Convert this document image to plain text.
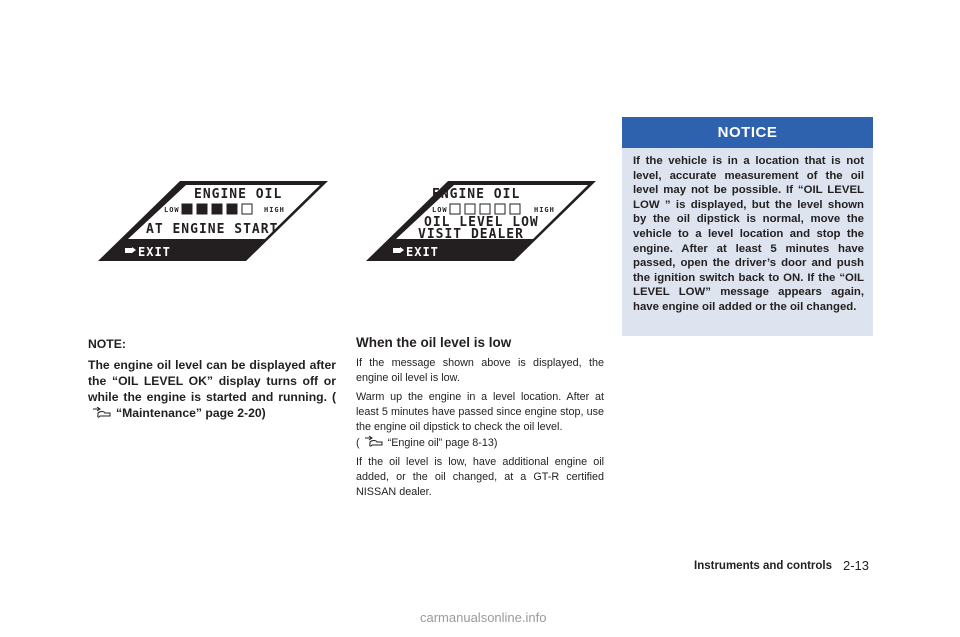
ENGINE OIL
LOW	HIGH
AT ENGINE START
EXIT
ENGINE OIL
LOW	HIGH
OIL LEVEL LOW
VISIT DEALER
EXIT
NOTE:
The engine oil level can be displayed after the “OIL LEVEL OK” display turns off or while the engine is started and running. (“Maintenance” page 2-20)
When the oil level is low

If the message shown above is displayed, the engine oil level is low.

Warm up the engine in a level location. After at least 5 minutes have passed since engine stop, use the engine oil dipstick to check the oil level.
(	“Engine oil” page 8-13)

If the oil level is low, have additional engine oil added, or the oil changed, at a GT-R certified NISSAN dealer.

NOTICE
If the vehicle is in a location that is not level, accurate measurement of the oil level may not be possible. If “OIL LEVEL LOW ” is displayed, but the level shown by the oil dipstick is normal, move the vehicle to a level location and stop the engine. After at least 5 minutes have passed, open the driver’s door and push the ignition switch back to ON. If the “OIL LEVEL LOW” message appears again, have engine oil added or the oil changed.
Instruments and controls 2-13
carmanualsonline.info
